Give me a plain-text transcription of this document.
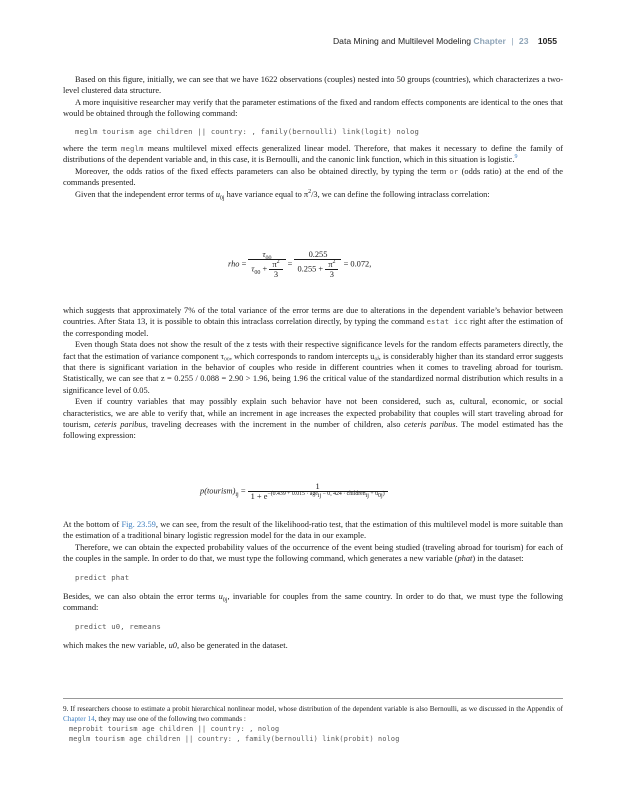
Data Mining and Multilevel Modeling Chapter | 23 1055

Based on this figure, initially, we can see that we have 1622 observations (couples) nested into 50 groups (countries), which characterizes a two-level clustered data structure.

A more inquisitive researcher may verify that the parameter estimations of the fixed and random effects components are identical to the ones that would be obtained through the following command:

meglm tourism age children || country: , family(bernoulli) link(logit) nolog

where the term meglm means multilevel mixed effects generalized linear model. Therefore, that makes it necessary to define the family of distributions of the dependent variable and, in this case, it is Bernoulli, and the canonic link function, which in this situation is logistic.$^9$

Moreover, the odds ratios of the fixed effects parameters can also be obtained directly, by typing the term or (odds ratio) at the end of the commands presented.

Given that the independent error terms of $u_{0j}$ have variance equal to $\pi^2/3$, we can define the following intraclass correlation:

rho = $\frac{\tau_{00}}{\tau_{00} + \frac{\pi^2}{3}} = \frac{0.255}{0.255 + \frac{\pi^2}{3}} = 0.072$,

which suggests that approximately 7% of the total variance of the error terms are due to alterations in the dependent variable’s behavior between countries. After Stata 13, it is possible to obtain this intraclass correlation directly, by typing the command estat icc right after the estimation of the corresponding model.

Even though Stata does not show the result of the z tests with their respective significance levels for the random effects parameters directly, the fact that the estimation of variance component τ₀₀, which corresponds to random intercepts u₀ⱼ, is considerably higher than its standard error suggests that there is significant variation in the behavior of couples who reside in different countries when it comes to traveling abroad for tourism. Statistically, we can see that z = 0.255 / 0.088 = 2.90 > 1.96, being 1.96 the critical value of the standardized normal distribution which results in a significance level of 0.05.

Even if country variables that may possibly explain such behavior have not been considered, such as, cultural, economic, or social characteristics, we are able to verify that, while an increment in age increases the expected probability that couples will start traveling abroad for tourism, ceteris paribus, traveling decreases with the increment in the number of children, also ceteris paribus. The model estimated has the following expression:

$p(tourism)_{ij} = \frac{1}{1 + e^{-(0.439 + 0.015 \cdot age_{ij} - 0, 424 \cdot children_{ij} + u_{0j})}}$

At the bottom of Fig. 23.59, we can see, from the result of the likelihood-ratio test, that the estimation of this multilevel model is more suitable than the estimation of a traditional binary logistic regression model for the data in our example.

Therefore, we can obtain the expected probability values of the occurrence of the event being studied (traveling abroad for tourism) for each of the couples in the sample. In order to do that, we must type the following command, which generates a new variable (phat) in the dataset:

predict phat

Besides, we can also obtain the error terms $u_{0j}$, invariable for couples from the same country. In order to do that, we must type the following command:

predict u0, remeans

which makes the new variable, u0, also be generated in the dataset.

9. If researchers choose to estimate a probit hierarchical nonlinear model, whose distribution of the dependent variable is also Bernoulli, as we discussed in the Appendix of Chapter 14, they may use one of the following two commands :

meprobit tourism age children || country: , nolog
meglm tourism age children || country: , family(bernoulli) link(probit) nolog
